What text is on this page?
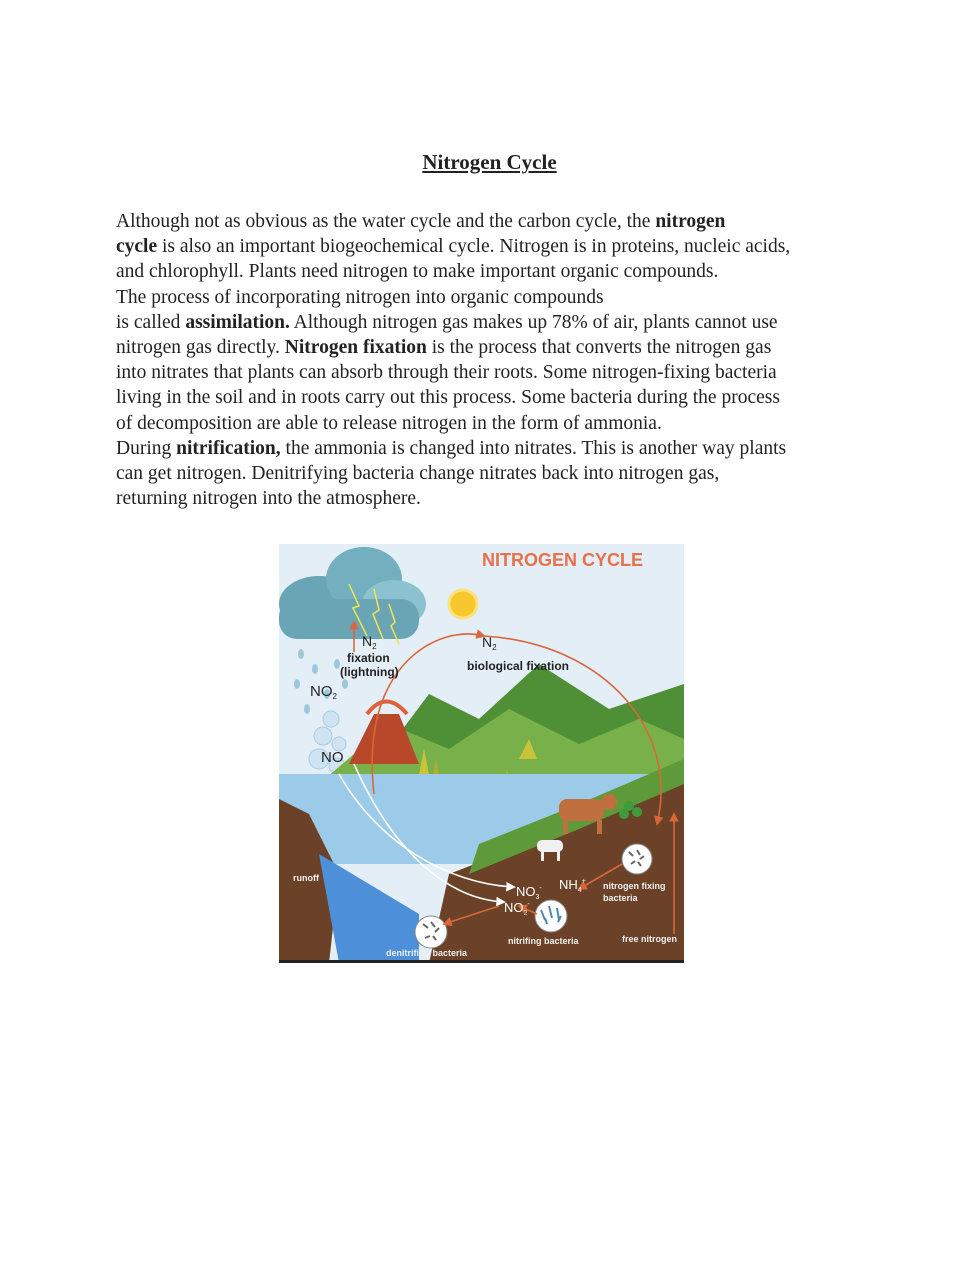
Nitrogen Cycle
Although not as obvious as the water cycle and the carbon cycle, the nitrogen
cycle is also an important biogeochemical cycle. Nitrogen is in proteins, nucleic acids,
and chlorophyll. Plants need nitrogen to make important organic compounds.
The process of incorporating nitrogen into organic compounds
is called assimilation. Although nitrogen gas makes up 78% of air, plants cannot use
nitrogen gas directly. Nitrogen fixation is the process that converts the nitrogen gas
into nitrates that plants can absorb through their roots. Some nitrogen-fixing bacteria
living in the soil and in roots carry out this process. Some bacteria during the process
of decomposition are able to release nitrogen in the form of ammonia.
During nitrification, the ammonia is changed into nitrates. This is another way plants
can get nitrogen. Denitrifying bacteria change nitrates back into nitrogen gas,
returning nitrogen into the atmosphere.
NITROGEN CYCLE
$N_2$
fixation
(lightning)
$NO_2$
NO
$N_2$
biological fixation
runoff
$NO_3^-$
$NO_2^-$
$NH_4^+$ nitrogen fixing
bacteria
nitrifing bacteria	free nitrogen
denitrifing bacteria
